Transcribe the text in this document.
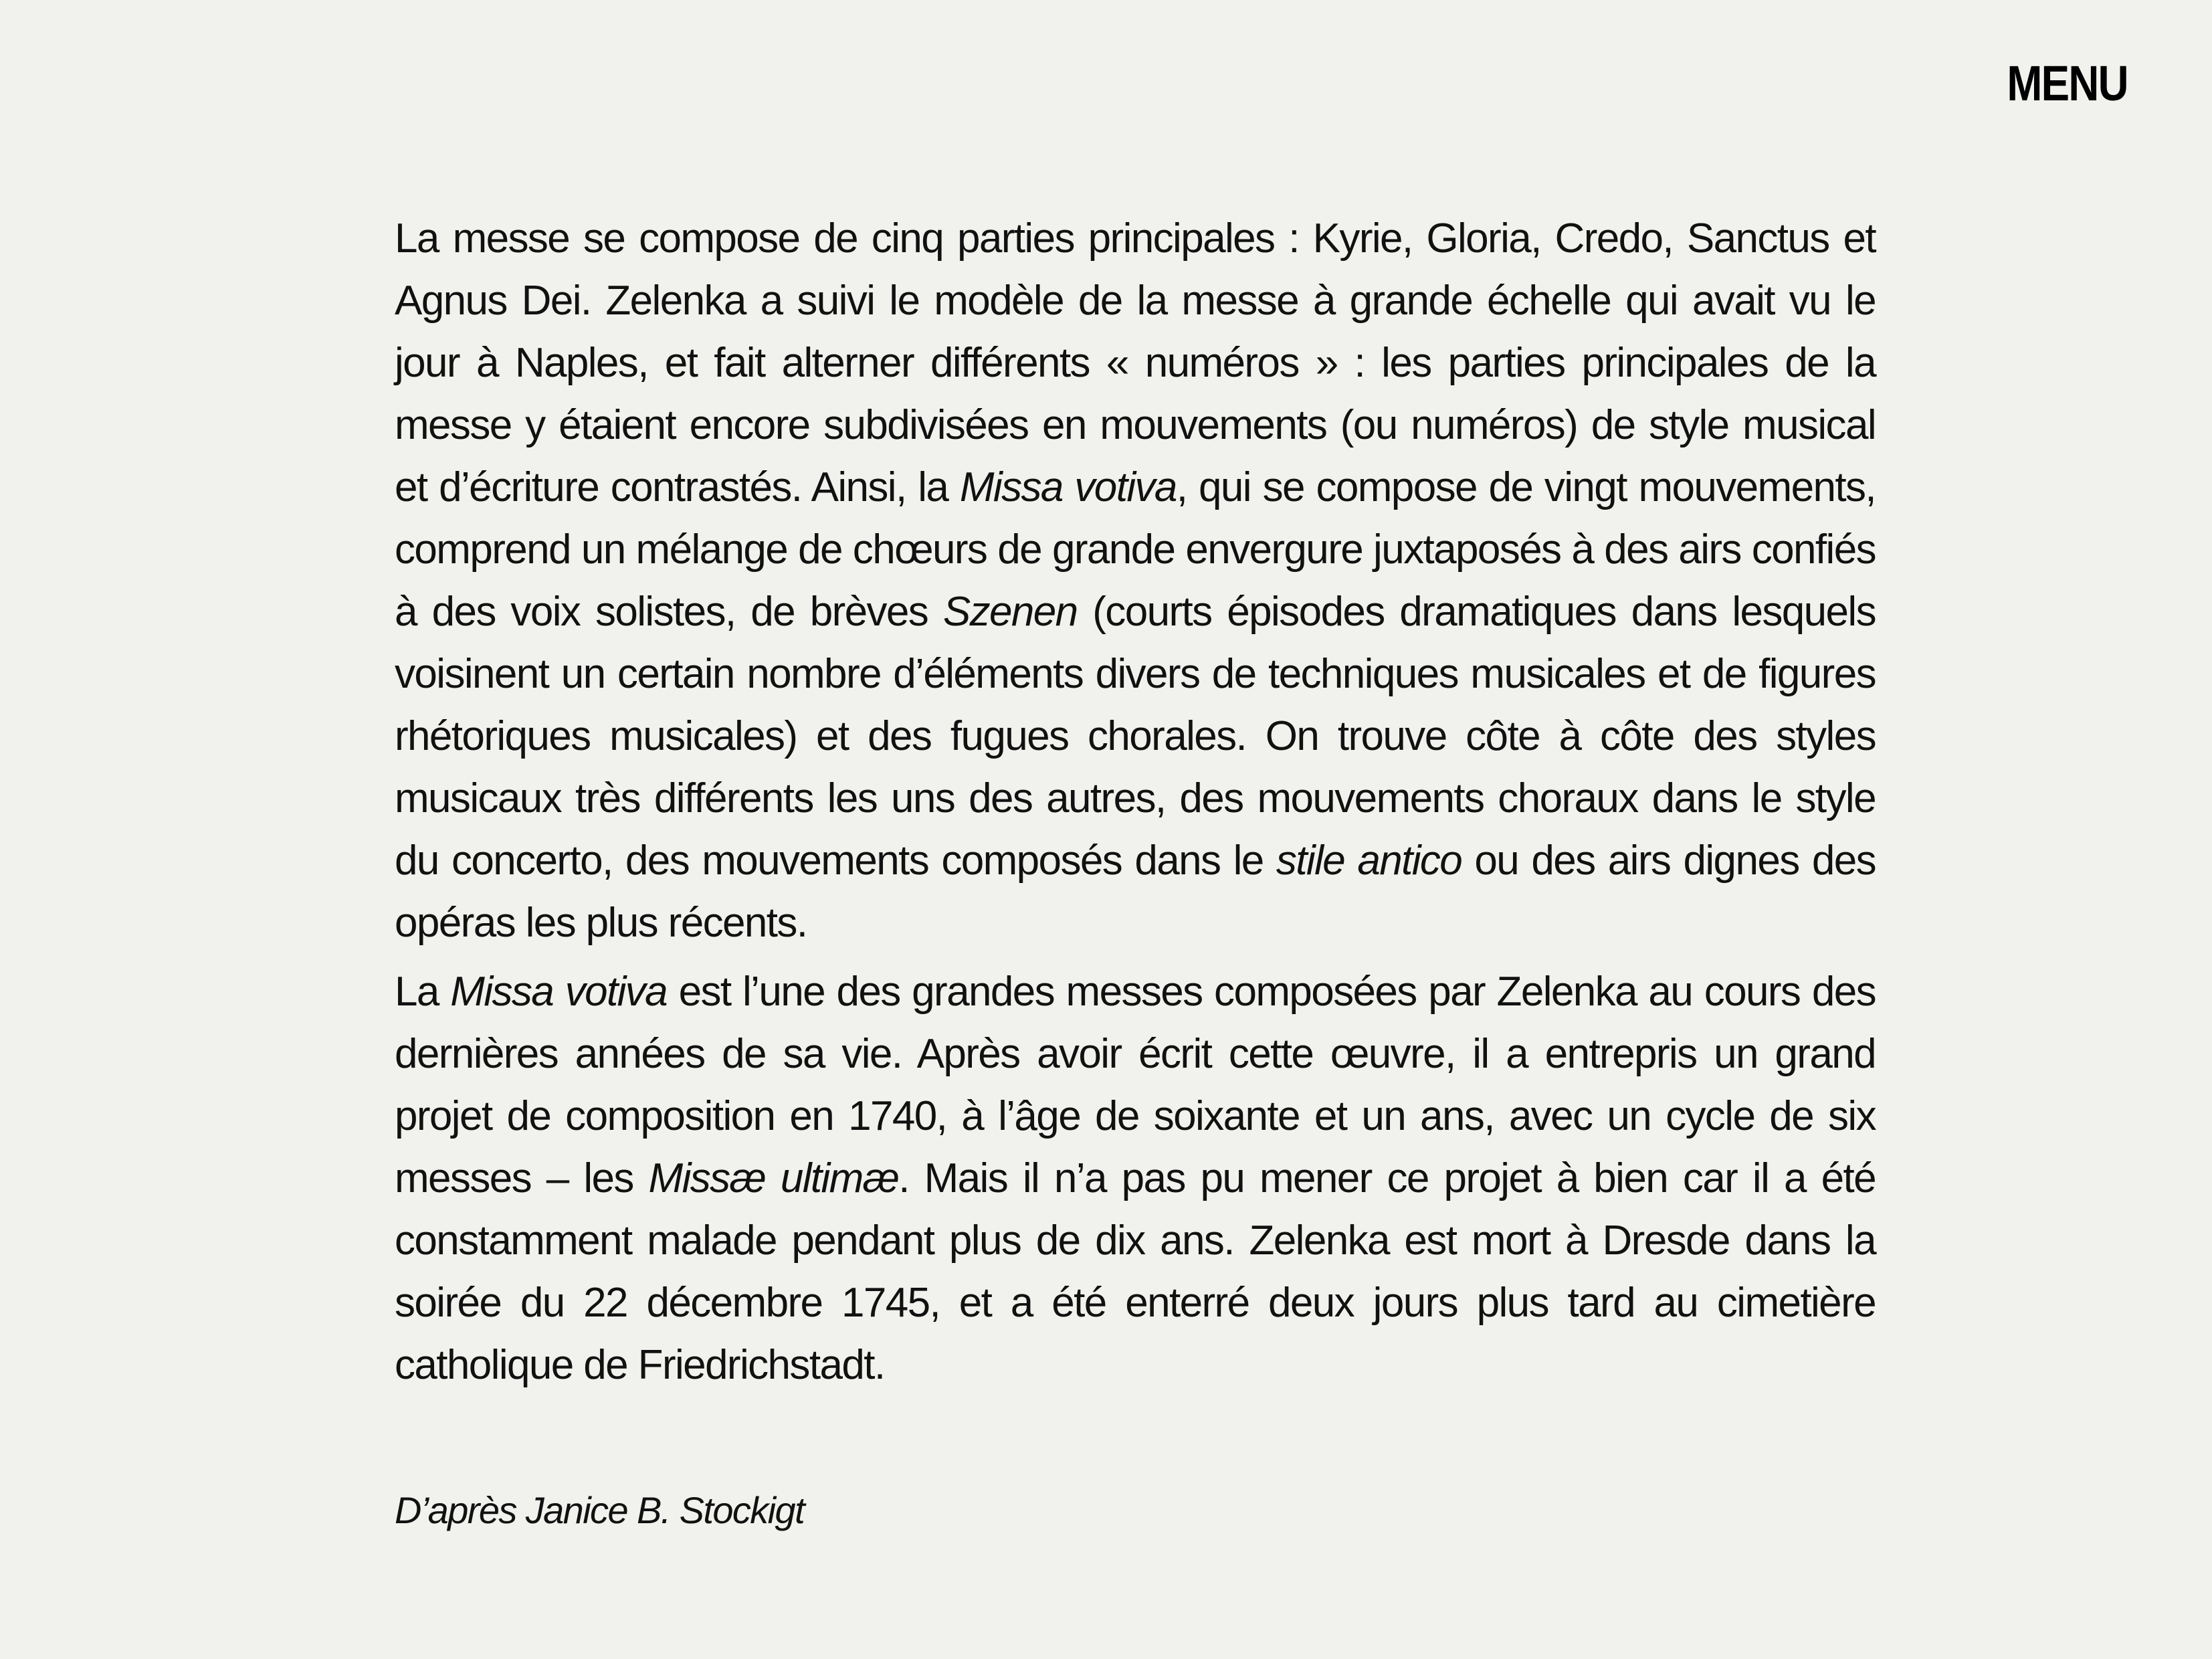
MENU

La messe se compose de cinq parties principales : Kyrie, Gloria, Credo, Sanctus et Agnus Dei. Zelenka a suivi le modèle de la messe à grande échelle qui avait vu le jour à Naples, et fait alterner différents « numéros » : les parties principales de la messe y étaient encore subdivisées en mouvements (ou numéros) de style musical et d’écriture contrastés. Ainsi, la Missa votiva, qui se compose de vingt mouvements, comprend un mélange de chœurs de grande envergure juxtaposés à des airs confiés à des voix solistes, de brèves Szenen (courts épisodes dramatiques dans lesquels voisinent un certain nombre d’éléments divers de techniques musicales et de figures rhétoriques musicales) et des fugues chorales. On trouve côte à côte des styles musicaux très différents les uns des autres, des mouvements choraux dans le style du concerto, des mouvements composés dans le stile antico ou des airs dignes des opéras les plus récents.

La Missa votiva est l’une des grandes messes composées par Zelenka au cours des dernières années de sa vie. Après avoir écrit cette œuvre, il a entrepris un grand projet de composition en 1740, à l’âge de soixante et un ans, avec un cycle de six messes – les Missæ ultimæ. Mais il n’a pas pu mener ce projet à bien car il a été constamment malade pendant plus de dix ans. Zelenka est mort à Dresde dans la soirée du 22 décembre 1745, et a été enterré deux jours plus tard au cimetière catholique de Friedrichstadt.

D’après Janice B. Stockigt
